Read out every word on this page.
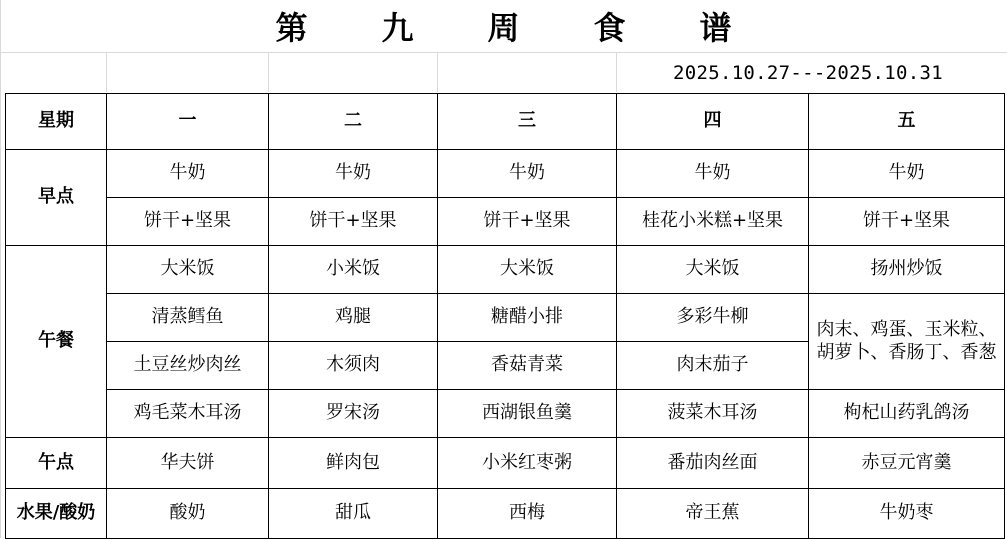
第 九 周 食 谱
2025.10.27---2025.10.31
星期	一	二	三	四	五
早点	牛奶	牛奶	牛奶	牛奶	牛奶
	饼干+坚果	饼干+坚果	饼干+坚果	桂花小米糕+坚果	饼干+坚果
午餐	大米饭	小米饭	大米饭	大米饭	扬州炒饭
	清蒸鳕鱼	鸡腿	糖醋小排	多彩牛柳	肉末、鸡蛋、玉米粒、胡萝卜、香肠丁、香葱
	土豆丝炒肉丝	木须肉	香菇青菜	肉末茄子	
	鸡毛菜木耳汤	罗宋汤	西湖银鱼羹	菠菜木耳汤	枸杞山药乳鸽汤
午点	华夫饼	鲜肉包	小米红枣粥	番茄肉丝面	赤豆元宵羹
水果/酸奶	酸奶	甜瓜	西梅	帝王蕉	牛奶枣
